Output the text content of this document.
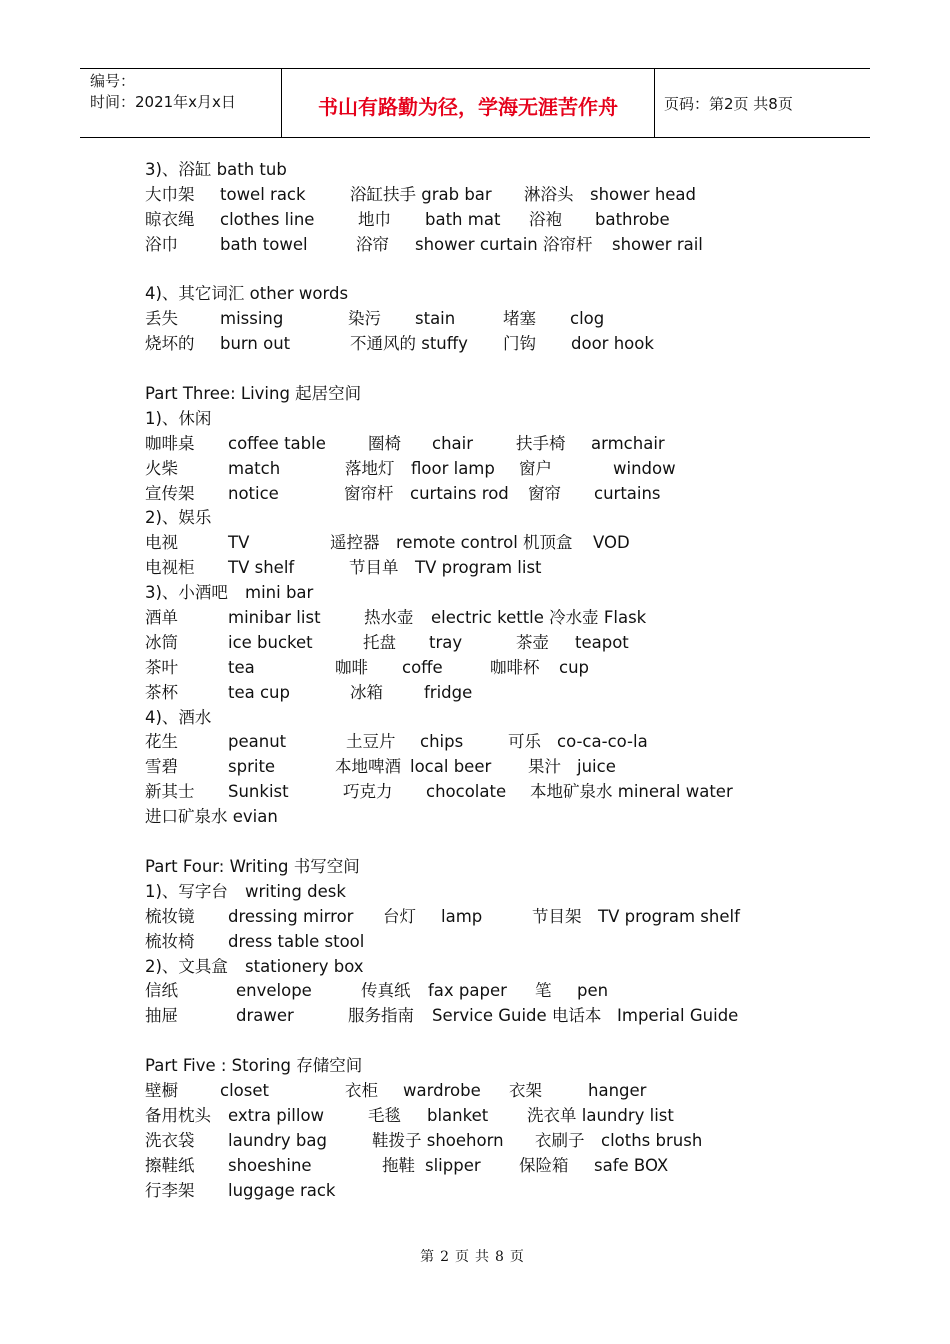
编号：
时间：2021年x月x日	书山有路勤为径，学海无涯苦作舟	页码：第2页 共8页
3)、浴缸 bath tub
大巾架 towel rack	浴缸扶手 grab bar 淋浴头 shower head
晾衣绳 clothes line	地巾 bath mat 浴袍 bathrobe
浴巾	bath towel	浴帘 shower curtain 浴帘杆 shower rail
4)、其它词汇 other words
丢失	missing	染污 stain	堵塞 clog
烧坏的 burn out	不通风的 stuffy 门钩 door hook
Part Three: Living 起居空间
1)、休闲
咖啡桌 coffee table	圈椅 chair	扶手椅 armchair
火柴	match	落地灯 floor lamp 窗户	window
宣传架 notice	窗帘杆 curtains rod 窗帘 curtains
2)、娱乐
电视	TV	遥控器 remote control 机顶盒 VOD
电视柜 TV shelf	节目单 TV program list
3)、小酒吧 mini bar
酒单	minibar list	热水壶 electric kettle 冷水壶 Flask
冰筒	ice bucket	托盘 tray	茶壶 teapot
茶叶	tea	咖啡 coffe	咖啡杯 cup
茶杯	tea cup	冰箱 fridge
4)、酒水
花生	peanut	土豆片 chips	可乐 co-ca-co-la
雪碧	sprite	本地啤酒 local beer 果汁 juice
新其士 Sunkist	巧克力 chocolate 本地矿泉水 mineral water
进口矿泉水 evian
Part Four: Writing 书写空间
1)、写字台 writing desk
梳妆镜 dressing mirror 台灯 lamp	节目架 TV program shelf
梳妆椅 dress table stool
2)、文具盒 stationery box
信纸	envelope	传真纸 fax paper 笔 pen
抽屉	drawer	服务指南 Service Guide 电话本 Imperial Guide
Part Five : Storing 存储空间
壁橱	closet	衣柜 wardrobe 衣架	hanger
备用枕头 extra pillow	毛毯 blanket 洗衣单 laundry list
洗衣袋 laundry bag	鞋拨子 shoehorn 衣刷子 cloths brush
擦鞋纸 shoeshine	拖鞋 slipper 保险箱 safe BOX
行李架 luggage rack
第 2 页 共 8 页
